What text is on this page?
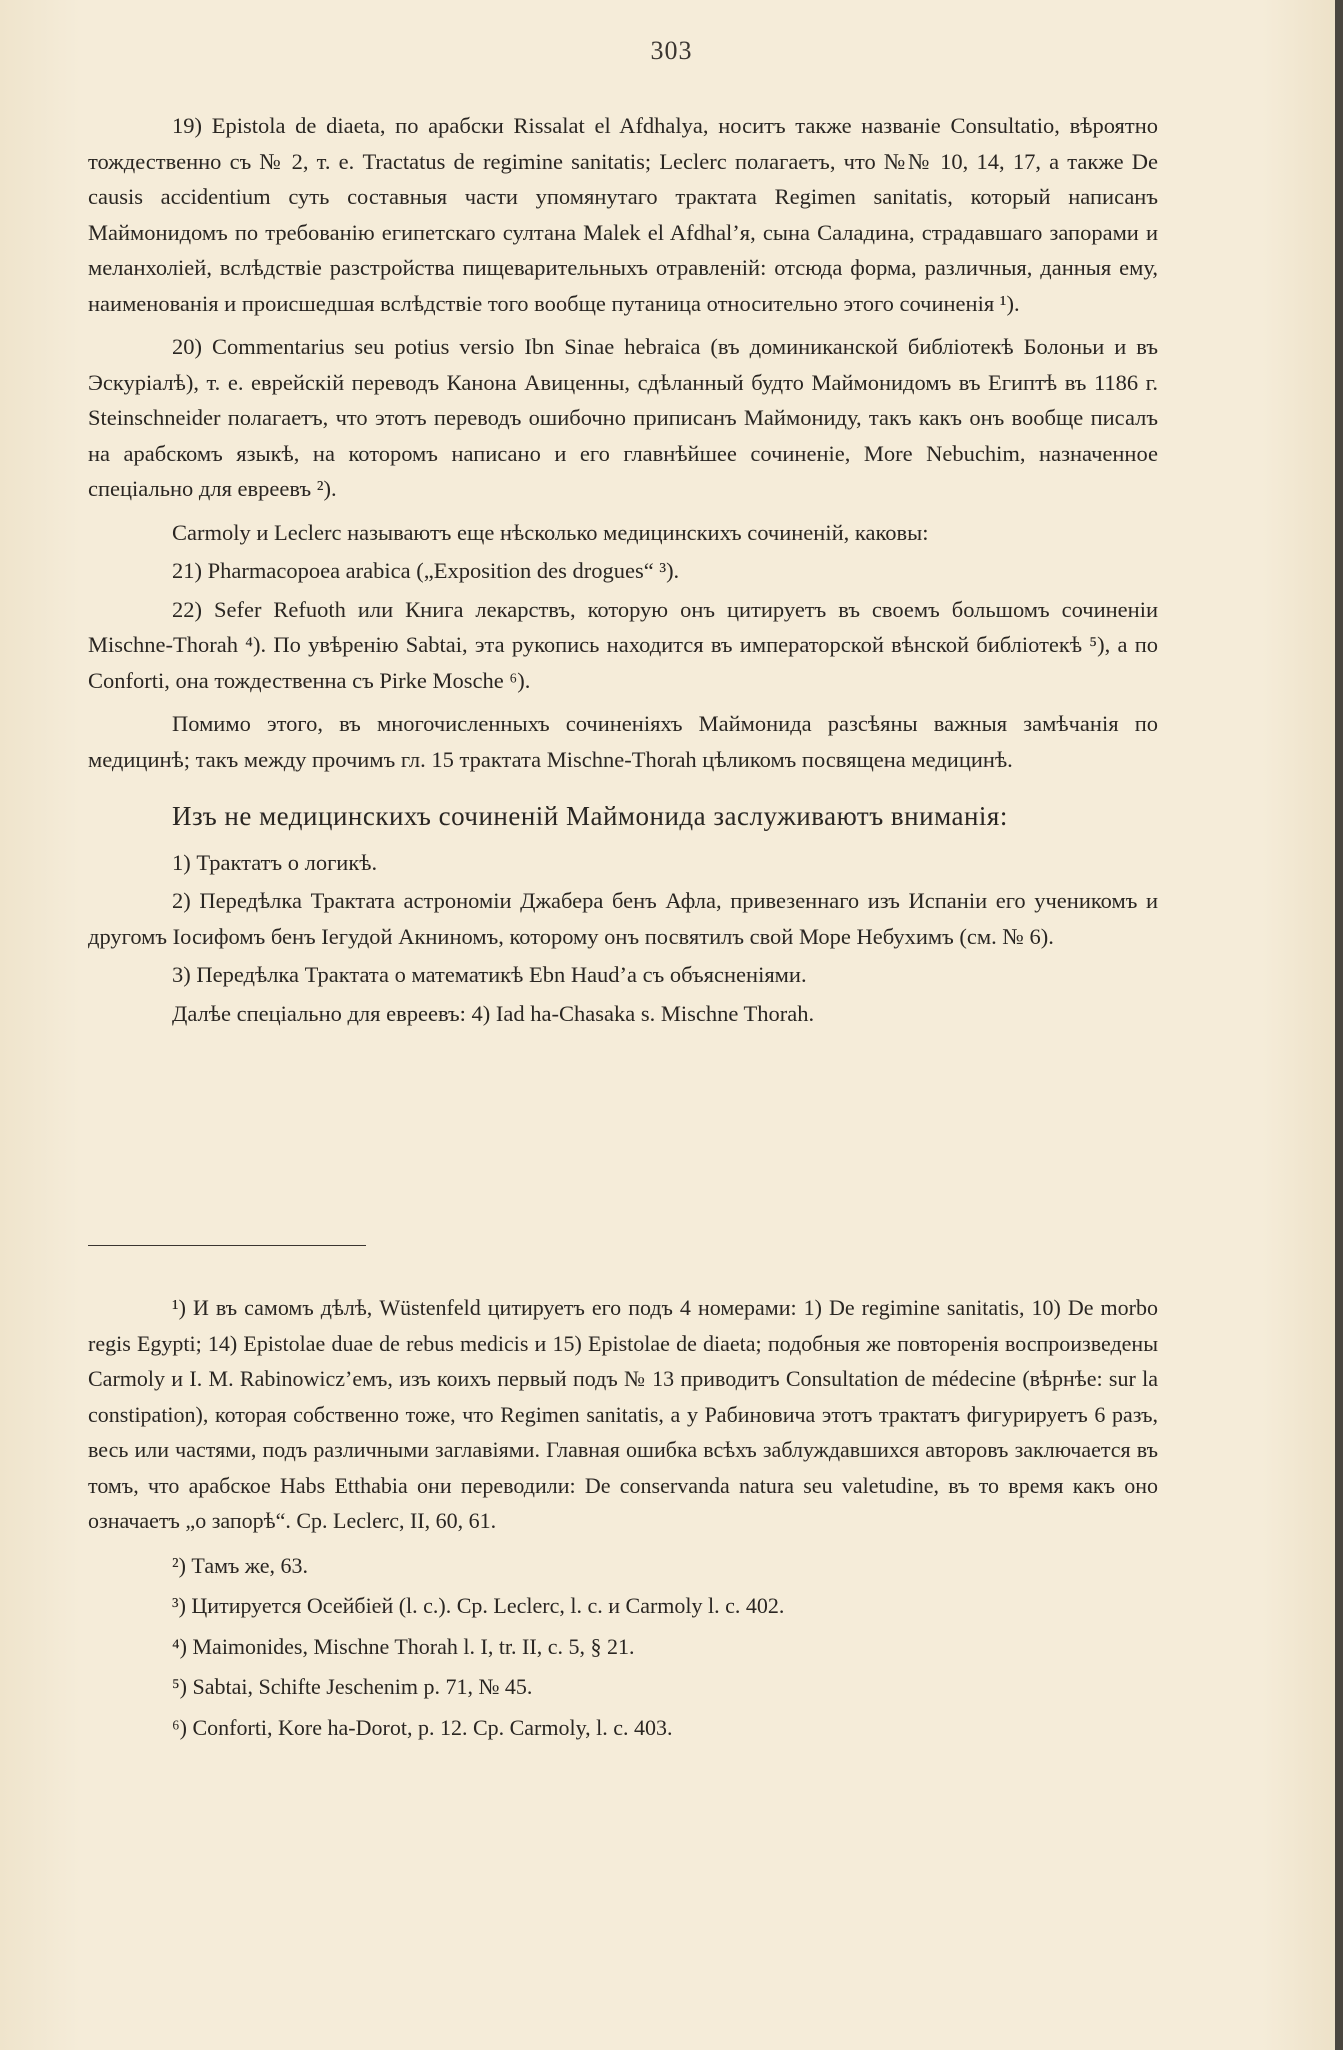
303

19) Epistola de diaeta, по арабски Rissalat el Afdhalya, носитъ также названіе Consultatio, вѣроятно тождественно съ № 2, т. е. Tractatus de regimine sanitatis; Leclerc полагаетъ, что №№ 10, 14, 17, а также De causis accidentium суть составныя части упомянутаго трактата Regimen sanitatis, который написанъ Маймонидомъ по требованію египетскаго султана Malek el Afdhal’я, сына Саладина, страдавшаго запорами и меланхоліей, вслѣдствіе разстройства пищеварительныхъ отравленій: отсюда форма, различныя, данныя ему, наименованія и происшедшая вслѣдствіе того вообще путаница относительно этого сочиненія ¹).

20) Commentarius seu potius versio Ibn Sinae hebraica (въ доминиканской библіотекѣ Болоньи и въ Эскуріалѣ), т. е. еврейскій переводъ Канона Авиценны, сдѣланный будто Маймонидомъ въ Египтѣ въ 1186 г. Steinschneider полагаетъ, что этотъ переводъ ошибочно приписанъ Маймониду, такъ какъ онъ вообще писалъ на арабскомъ языкѣ, на которомъ написано и его главнѣйшее сочиненіе, More Nebuchim, назначенное спеціально для евреевъ ²).

Carmoly и Leclerc называютъ еще нѣсколько медицинскихъ сочиненій, каковы:

21) Pharmacopoea arabica („Exposition des drogues“ ³).

22) Sefer Refuoth или Книга лекарствъ, которую онъ цитируетъ въ своемъ большомъ сочиненіи Mischne-Thorah ⁴). По увѣренію Sabtai, эта рукопись находится въ императорской вѣнской библіотекѣ ⁵), а по Conforti, она тождественна съ Pirke Mosche ⁶).

Помимо этого, въ многочисленныхъ сочиненіяхъ Маймонида разсѣяны важныя замѣчанія по медицинѣ; такъ между прочимъ гл. 15 трактата Mischne-Thorah цѣликомъ посвящена медицинѣ.

Изъ не медицинскихъ сочиненій Маймонида заслуживаютъ вниманія:

1) Трактатъ о логикѣ.

2) Передѣлка Трактата астрономіи Джабера бенъ Афла, привезеннаго изъ Испаніи его ученикомъ и другомъ Іосифомъ бенъ Іегудой Акниномъ, которому онъ посвятилъ свой Море Небухимъ (см. № 6).

3) Передѣлка Трактата о математикѣ Ebn Haud’а съ объясненіями.

Далѣе спеціально для евреевъ: 4) Iad ha-Chasaka s. Mischne Thorah.

¹) И въ самомъ дѣлѣ, Wüstenfeld цитируетъ его подъ 4 номерами: 1) De regimine sanitatis, 10) De morbo regis Egypti; 14) Epistolae duae de rebus medicis и 15) Epistolae de diaeta; подобныя же повторенія воспроизведены Carmoly и I. M. Rabinowicz’емъ, изъ коихъ первый подъ № 13 приводитъ Consultation de médecine (вѣрнѣе: sur la constipation), которая собственно тоже, что Regimen sanitatis, а у Рабиновича этотъ трактатъ фигурируетъ 6 разъ, весь или частями, подъ различными заглавіями. Главная ошибка всѣхъ заблуждавшихся авторовъ заключается въ томъ, что арабское Habs Etthabia они переводили: De conservanda natura seu valetudine, въ то время какъ оно означаетъ „о запорѣ“. Ср. Leclerc, II, 60, 61.

²) Тамъ же, 63.

³) Цитируется Осейбіей (l. c.). Ср. Leclerc, l. c. и Carmoly l. c. 402.

⁴) Maimonides, Mischne Thorah l. I, tr. II, c. 5, § 21.

⁵) Sabtai, Schifte Jeschenim p. 71, № 45.

⁶) Conforti, Kore ha-Dorot, p. 12. Ср. Carmoly, l. c. 403.
